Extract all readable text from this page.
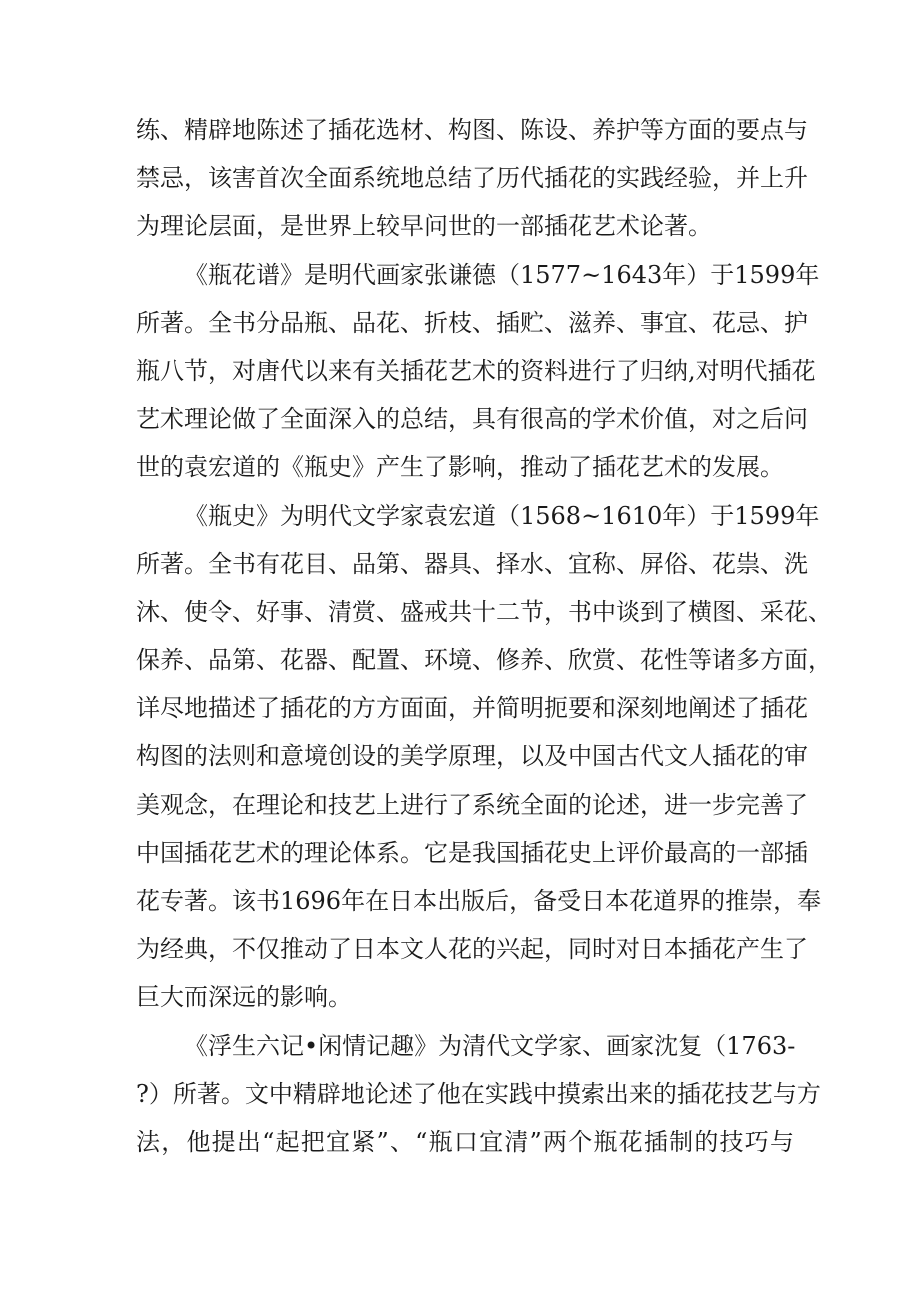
练、精辟地陈述了插花选材、构图、陈设、养护等方面的要点与
禁忌，该害首次全面系统地总结了历代插花的实践经验，并上升
为理论层面，是世界上较早问世的一部插花艺术论著。
《瓶花谱》是明代画家张谦德（1577~1643年）于1599年
所著。全书分品瓶、品花、折枝、插贮、滋养、事宜、花忌、护
瓶八节，对唐代以来有关插花艺术的资料进行了归纳,对明代插花
艺术理论做了全面深入的总结，具有很高的学术价值，对之后问
世的袁宏道的《瓶史》产生了影响，推动了插花艺术的发展。
《瓶史》为明代文学家袁宏道（1568~1610年）于1599年
所著。全书有花目、品第、器具、择水、宜称、屏俗、花祟、洗
沐、使令、好事、清赏、盛戒共十二节，书中谈到了横图、采花、
保养、品第、花器、配置、环境、修养、欣赏、花性等诸多方面，
详尽地描述了插花的方方面面，并简明扼要和深刻地阐述了插花
构图的法则和意境创设的美学原理，以及中国古代文人插花的审
美观念，在理论和技艺上进行了系统全面的论述，进一步完善了
中国插花艺术的理论体系。它是我国插花史上评价最高的一部插
花专著。该书1696年在日本出版后，备受日本花道界的推崇，奉
为经典，不仅推动了日本文人花的兴起，同时对日本插花产生了
巨大而深远的影响。
《浮生六记•闲情记趣》为清代文学家、画家沈复（1763-
?）所著。文中精辟地论述了他在实践中摸索出来的插花技艺与方
法，他提出“起把宜紧”、“瓶口宜清”两个瓶花插制的技巧与
